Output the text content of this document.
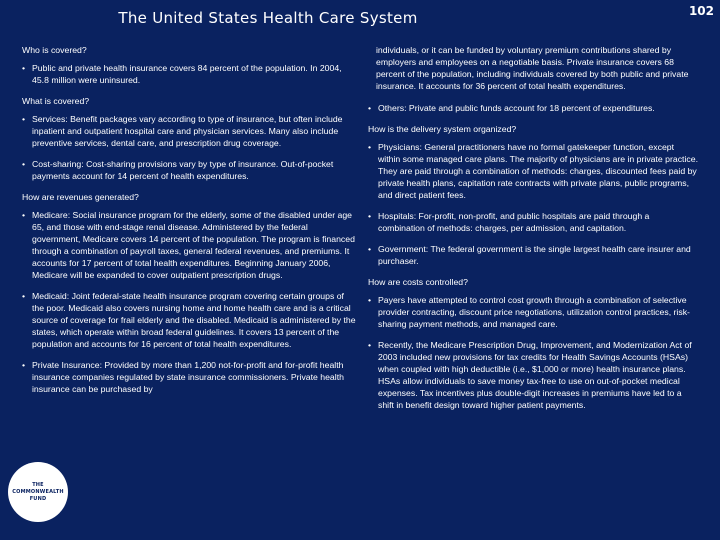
The United States Health Care System	102
Who is covered?
• Public and private health insurance covers 84 percent of the population. In 2004, 45.8 million were uninsured.
What is covered?
• Services: Benefit packages vary according to type of insurance, but often include inpatient and outpatient hospital care and physician services. Many also include preventive services, dental care, and prescription drug coverage.
• Cost-sharing: Cost-sharing provisions vary by type of insurance. Out-of-pocket payments account for 14 percent of health expenditures.
How are revenues generated?
• Medicare: Social insurance program for the elderly, some of the disabled under age 65, and those with end-stage renal disease. Administered by the federal government, Medicare covers 14 percent of the population. The program is financed through a combination of payroll taxes, general federal revenues, and premiums. It accounts for 17 percent of total health expenditures. Beginning January 2006, Medicare will be expanded to cover outpatient prescription drugs.
• Medicaid: Joint federal-state health insurance program covering certain groups of the poor. Medicaid also covers nursing home and home health care and is a critical source of coverage for frail elderly and the disabled. Medicaid is administered by the states, which operate within broad federal guidelines. It covers 13 percent of the population and accounts for 16 percent of total health expenditures.
• Private Insurance: Provided by more than 1,200 not-for-profit and for-profit health insurance companies regulated by state insurance commissioners. Private health insurance can be purchased by
individuals, or it can be funded by voluntary premium contributions shared by employers and employees on a negotiable basis. Private insurance covers 68 percent of the population, including individuals covered by both public and private insurance. It accounts for 36 percent of total health expenditures.
• Others: Private and public funds account for 18 percent of expenditures.
How is the delivery system organized?
• Physicians: General practitioners have no formal gatekeeper function, except within some managed care plans. The majority of physicians are in private practice. They are paid through a combination of methods: charges, discounted fees paid by private health plans, capitation rate contracts with private plans, public programs, and direct patient fees.
• Hospitals: For-profit, non-profit, and public hospitals are paid through a combination of methods: charges, per admission, and capitation.
• Government: The federal government is the single largest health care insurer and purchaser.
How are costs controlled?
• Payers have attempted to control cost growth through a combination of selective provider contracting, discount price negotiations, utilization control practices, risk-sharing payment methods, and managed care.
• Recently, the Medicare Prescription Drug, Improvement, and Modernization Act of 2003 included new provisions for tax credits for Health Savings Accounts (HSAs) when coupled with high deductible (i.e., $1,000 or more) health insurance plans. HSAs allow individuals to save money tax-free to use on out-of-pocket medical expenses. Tax incentives plus double-digit increases in premiums have led to a shift in benefit design toward higher patient payments.
THE
COMMONWEALTH
FUND
